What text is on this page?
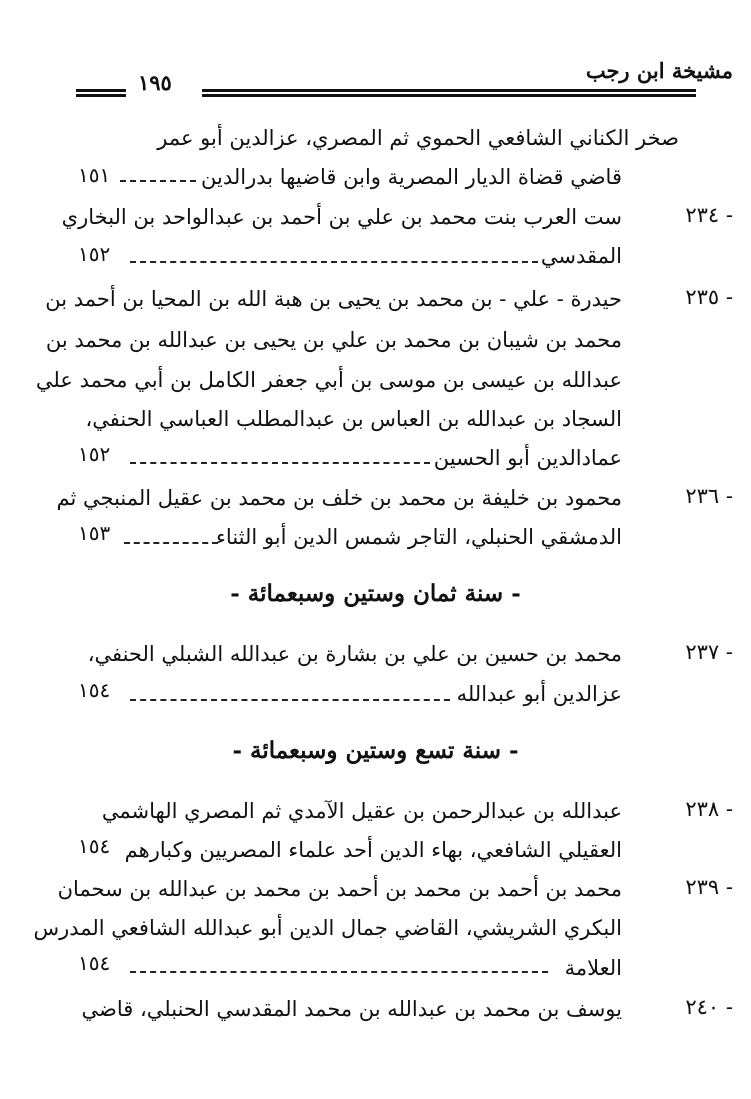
مشيخة ابن رجب
١٩٥
صخر الكناني الشافعي الحموي ثم المصري، عزالدين أبو عمر
قاضي قضاة الديار المصرية وابن قاضيها بدرالدين
١٥١
٢٣٤ -
ست العرب بنت محمد بن علي بن أحمد بن عبدالواحد بن البخاري
المقدسي
١٥٢
٢٣٥ -
حيدرة - علي - بن محمد بن يحيى بن هبة الله بن المحيا بن أحمد بن
محمد بن شيبان بن محمد بن علي بن يحيى بن عبدالله بن محمد بن
عبدالله بن عيسى بن موسى بن أبي جعفر الكامل بن أبي محمد علي
السجاد بن عبدالله بن العباس بن عبدالمطلب العباسي الحنفي،
عمادالدين أبو الحسين
١٥٢
٢٣٦ -
محمود بن خليفة بن محمد بن خلف بن محمد بن عقيل المنبجي ثم
الدمشقي الحنبلي، التاجر شمس الدين أبو الثناء
١٥٣
- سنة ثمان وستين وسبعمائة -
٢٣٧ -
محمد بن حسين بن علي بن بشارة بن عبدالله الشبلي الحنفي،
عزالدين أبو عبدالله
١٥٤
- سنة تسع وستين وسبعمائة -
٢٣٨ -
عبدالله بن عبدالرحمن بن عقيل الآمدي ثم المصري الهاشمي
العقيلي الشافعي، بهاء الدين أحد علماء المصريين وكبارهم
١٥٤
٢٣٩ -
محمد بن أحمد بن محمد بن أحمد بن محمد بن عبدالله بن سحمان
البكري الشريشي، القاضي جمال الدين أبو عبدالله الشافعي المدرس
العلامة
١٥٤
٢٤٠ -
يوسف بن محمد بن عبدالله بن محمد المقدسي الحنبلي، قاضي
